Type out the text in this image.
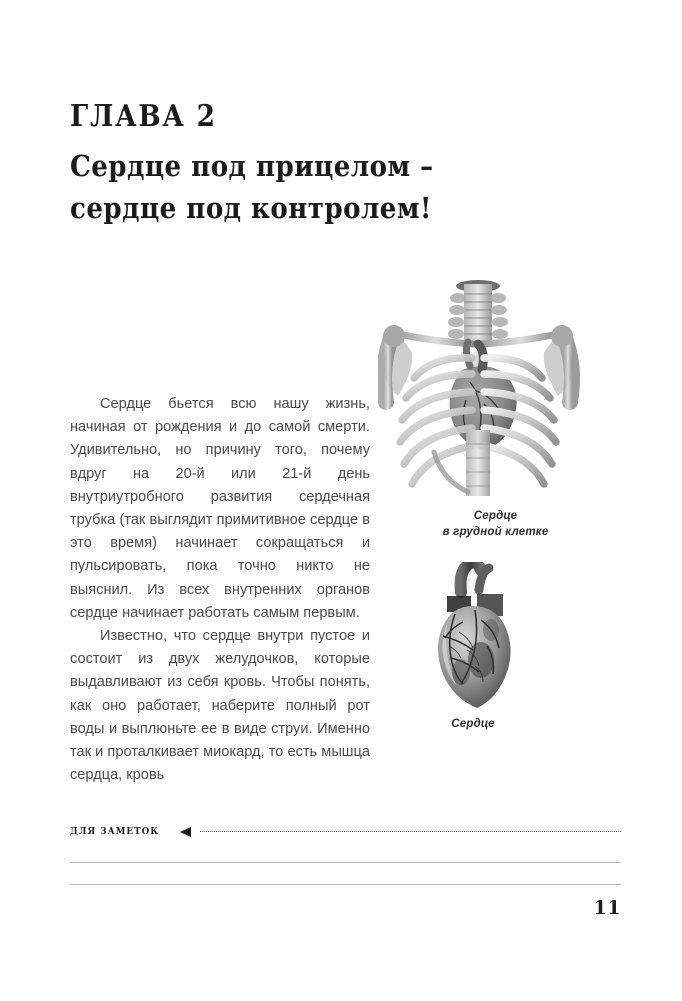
ГЛАВА 2
Сердце под прицелом –
сердце под контролем!
Сердце
в грудной клетке
Сердце

Сердце бьется всю нашу жизнь, начиная от рождения и до самой смерти. Удивительно, но причину того, почему вдруг на 20-й или 21-й день внутриутробного развития сердечная трубка (так выглядит примитивное сердце в это время) начинает сокращаться и пульсировать, пока точно никто не выяснил. Из всех внутренних органов сердце начинает работать самым первым.

Известно, что сердце внутри пустое и состоит из двух желудочков, которые выдавливают из себя кровь. Чтобы понять, как оно работает, наберите полный рот воды и выплюньте ее в виде струи. Именно так и проталкивает миокард, то есть мышца сердца, кровь

ДЛЯ ЗАМЕТОК
11
